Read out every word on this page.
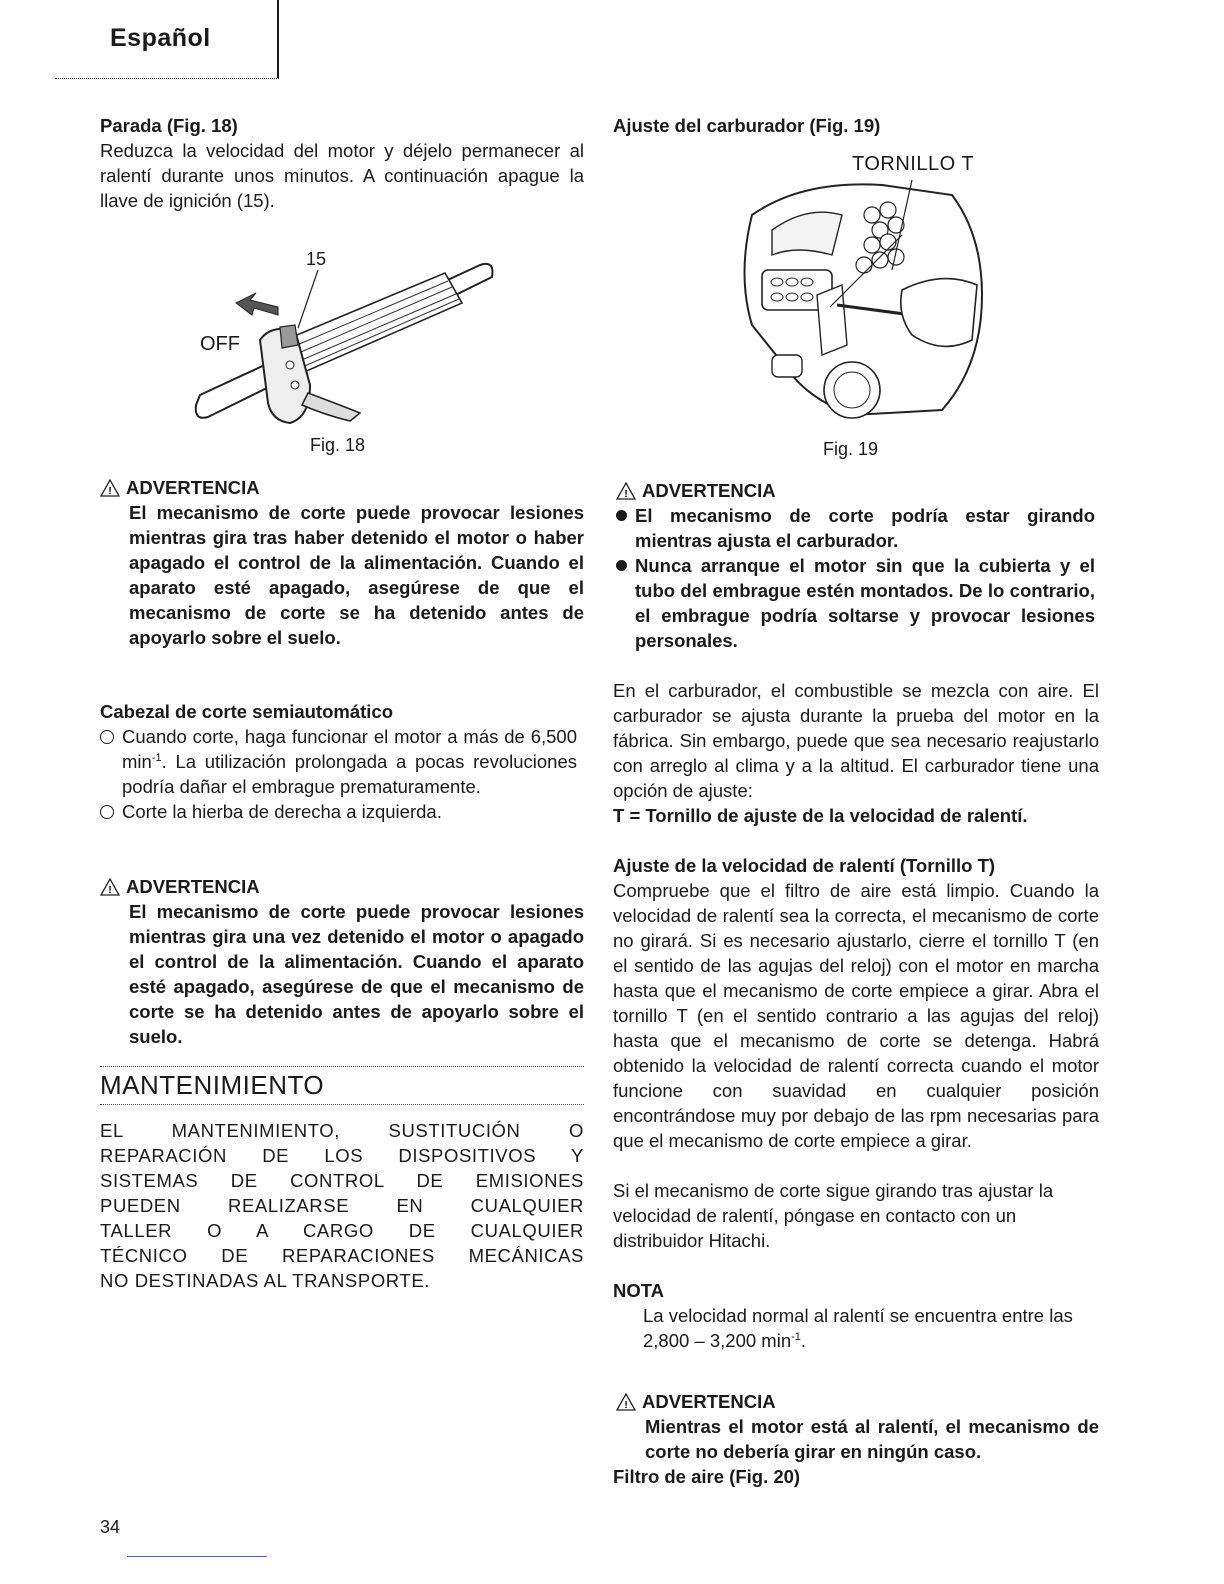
Español
Parada (Fig. 18)

Reduzca la velocidad del motor y déjelo permanecer al ralentí durante unos minutos. A continuación apague la llave de ignición (15).

15
OFF
Fig. 18
! ADVERTENCIA
El mecanismo de corte puede provocar lesiones mientras gira tras haber detenido el motor o haber apagado el control de la alimentación. Cuando el aparato esté apagado, asegúrese de que el mecanismo de corte se ha detenido antes de apoyarlo sobre el suelo.
Cabezal de corte semiautomático
Cuando corte, haga funcionar el motor a más de 6,500 $\min^{-1}$. La utilización prolongada a pocas revoluciones podría dañar el embrague prematuramente.
Corte la hierba de derecha a izquierda.
! ADVERTENCIA
El mecanismo de corte puede provocar lesiones mientras gira una vez detenido el motor o apagado el control de la alimentación. Cuando el aparato esté apagado, asegúrese de que el mecanismo de corte se ha detenido antes de apoyarlo sobre el suelo.
MANTENIMIENTO
EL MANTENIMIENTO, SUSTITUCIÓN O
REPARACIÓN DE LOS DISPOSITIVOS Y
SISTEMAS DE CONTROL DE EMISIONES
PUEDEN REALIZARSE EN CUALQUIER
TALLER O A CARGO DE CUALQUIER
TÉCNICO DE REPARACIONES MECÁNICAS
NO DESTINADAS AL TRANSPORTE.
34
Ajuste del carburador (Fig. 19)
TORNILLO T
Fig. 19
! ADVERTENCIA
El mecanismo de corte podría estar girando mientras ajusta el carburador.
Nunca arranque el motor sin que la cubierta y el tubo del embrague estén montados. De lo contrario, el embrague podría soltarse y provocar lesiones personales.

En el carburador, el combustible se mezcla con aire. El carburador se ajusta durante la prueba del motor en la fábrica. Sin embargo, puede que sea necesario reajustarlo con arreglo al clima y a la altitud. El carburador tiene una opción de ajuste:

T = Tornillo de ajuste de la velocidad de ralentí.
Ajuste de la velocidad de ralentí (Tornillo T)

Compruebe que el filtro de aire está limpio. Cuando la velocidad de ralentí sea la correcta, el mecanismo de corte no girará. Si es necesario ajustarlo, cierre el tornillo T (en el sentido de las agujas del reloj) con el motor en marcha hasta que el mecanismo de corte empiece a girar. Abra el tornillo T (en el sentido contrario a las agujas del reloj) hasta que el mecanismo de corte se detenga. Habrá obtenido la velocidad de ralentí correcta cuando el motor funcione con suavidad en cualquier posición encontrándose muy por debajo de las rpm necesarias para que el mecanismo de corte empiece a girar.

Si el mecanismo de corte sigue girando tras ajustar la velocidad de ralentí, póngase en contacto con un distribuidor Hitachi.

NOTA

La velocidad normal al ralentí se encuentra entre las 2,800 – 3,200 $\min^{-1}$.

! ADVERTENCIA
Mientras el motor está al ralentí, el mecanismo de corte no debería girar en ningún caso.
Filtro de aire (Fig. 20)
